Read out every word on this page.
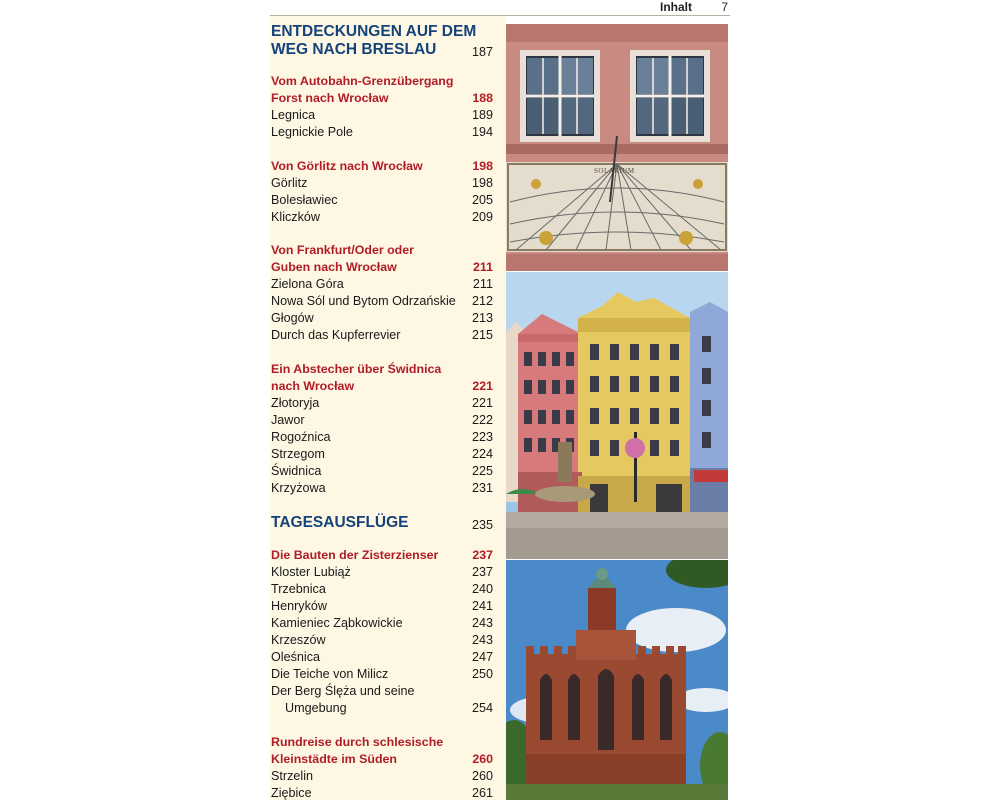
Inhalt 7
ENTDECKUNGEN AUF DEM
WEG NACH BRESLAU	187
Vom Autobahn-Grenzübergang
Forst nach Wrocław	188
Legnica	189
Legnickie Pole	194
Von Görlitz nach Wrocław	198
Görlitz	198
Bolesławiec	205
Kliczków	209
Von Frankfurt/Oder oder
Guben nach Wrocław	211
Zielona Góra	211
Nowa Sól und Bytom Odrzańskie 212
Głogów	213
Durch das Kupferrevier	215
Ein Abstecher über Świdnica
nach Wrocław	221
Złotoryja	221
Jawor	222
Rogoźnica	223
Strzegom	224
Świdnica	225
Krzyżowa	231
TAGESAUSFLÜGE	235
Die Bauten der Zisterzienser	237
Kloster Lubiąż	237
Trzebnica	240
Henryków	241
Kamieniec Ząbkowickie	243
Krzeszów	243
Oleśnica	247
Die Teiche von Milicz	250
Der Berg Ślęża und seine
Umgebung	254
Rundreise durch schlesische
Kleinstädte im Süden	260
Strzelin	260
Ziębice	261
SOLARIUM
